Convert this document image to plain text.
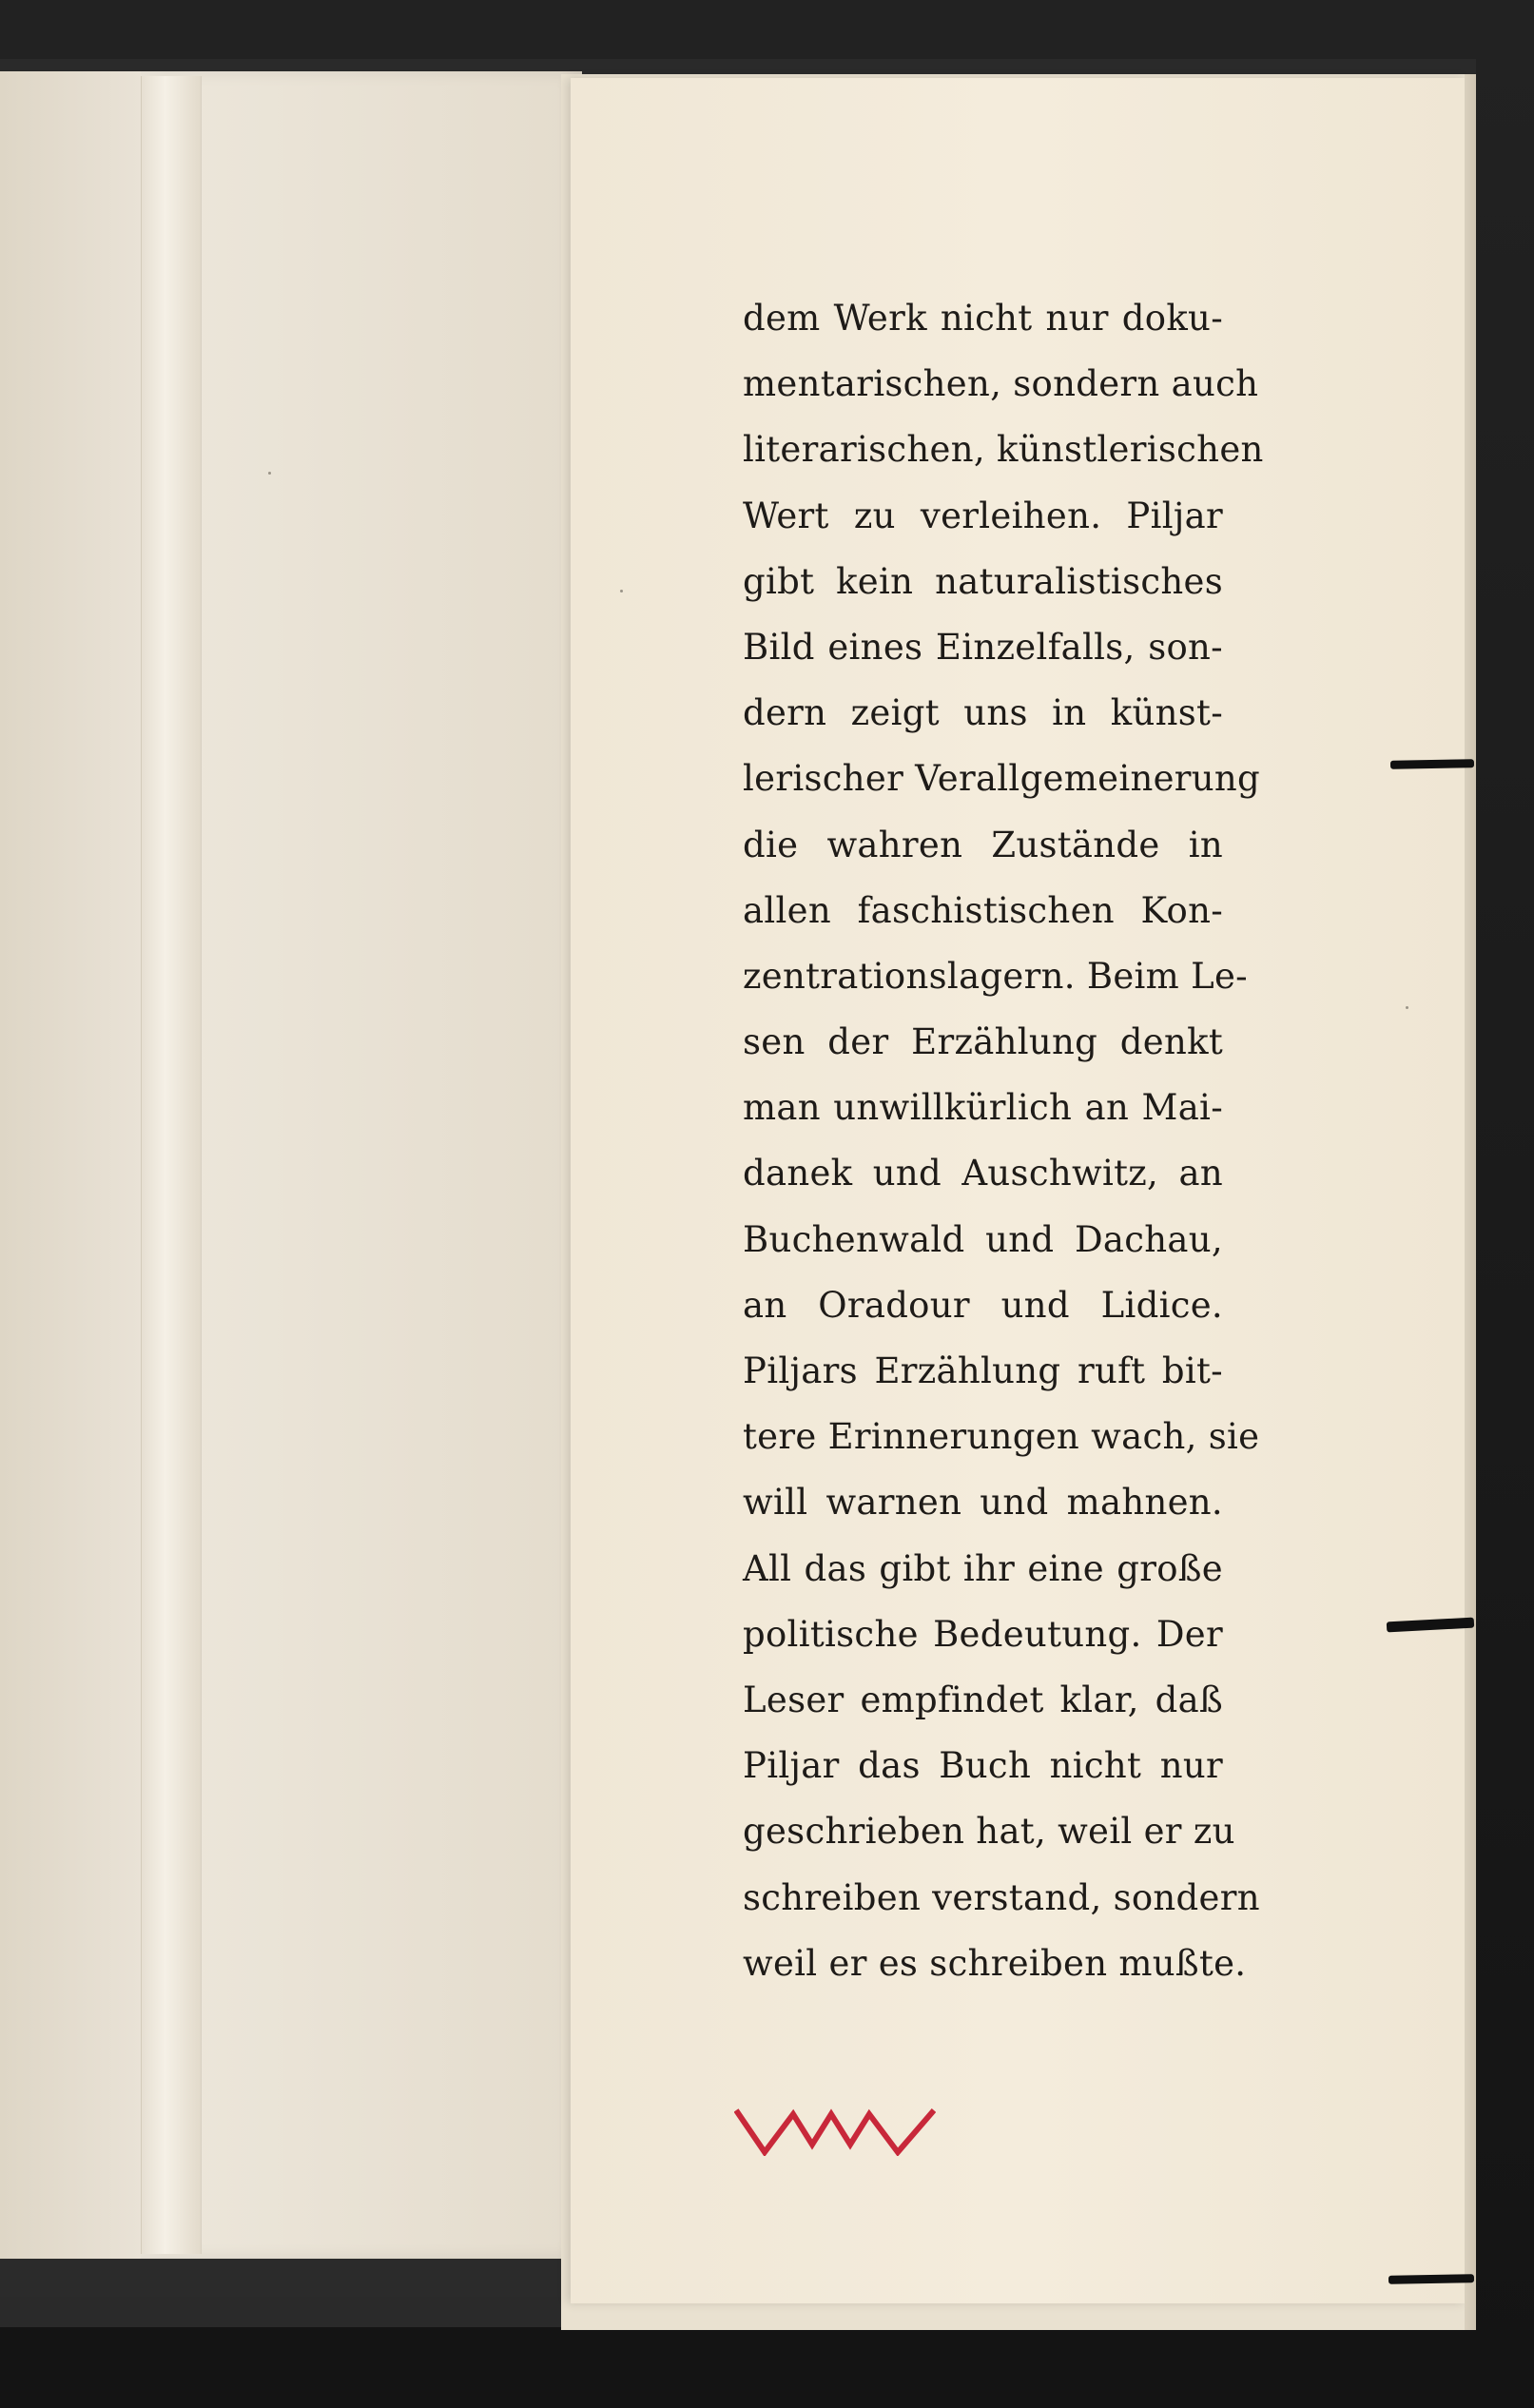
dem Werk nicht nur doku-
mentarischen, sondern auch
literarischen, künstlerischen
Wert zu verleihen. Piljar
gibt kein naturalistisches
Bild eines Einzelfalls, son-
dern zeigt uns in künst-
lerischer Verallgemeinerung
die wahren Zustände in
allen faschistischen Kon-
zentrationslagern. Beim Le-
sen der Erzählung denkt
man unwillkürlich an Mai-
danek und Auschwitz, an
Buchenwald und Dachau,
an Oradour und Lidice.
Piljars Erzählung ruft bit-
tere Erinnerungen wach, sie
will warnen und mahnen.
All das gibt ihr eine große
politische Bedeutung. Der
Leser empfindet klar, daß
Piljar das Buch nicht nur
geschrieben hat, weil er zu
schreiben verstand, sondern
weil er es schreiben mußte.
